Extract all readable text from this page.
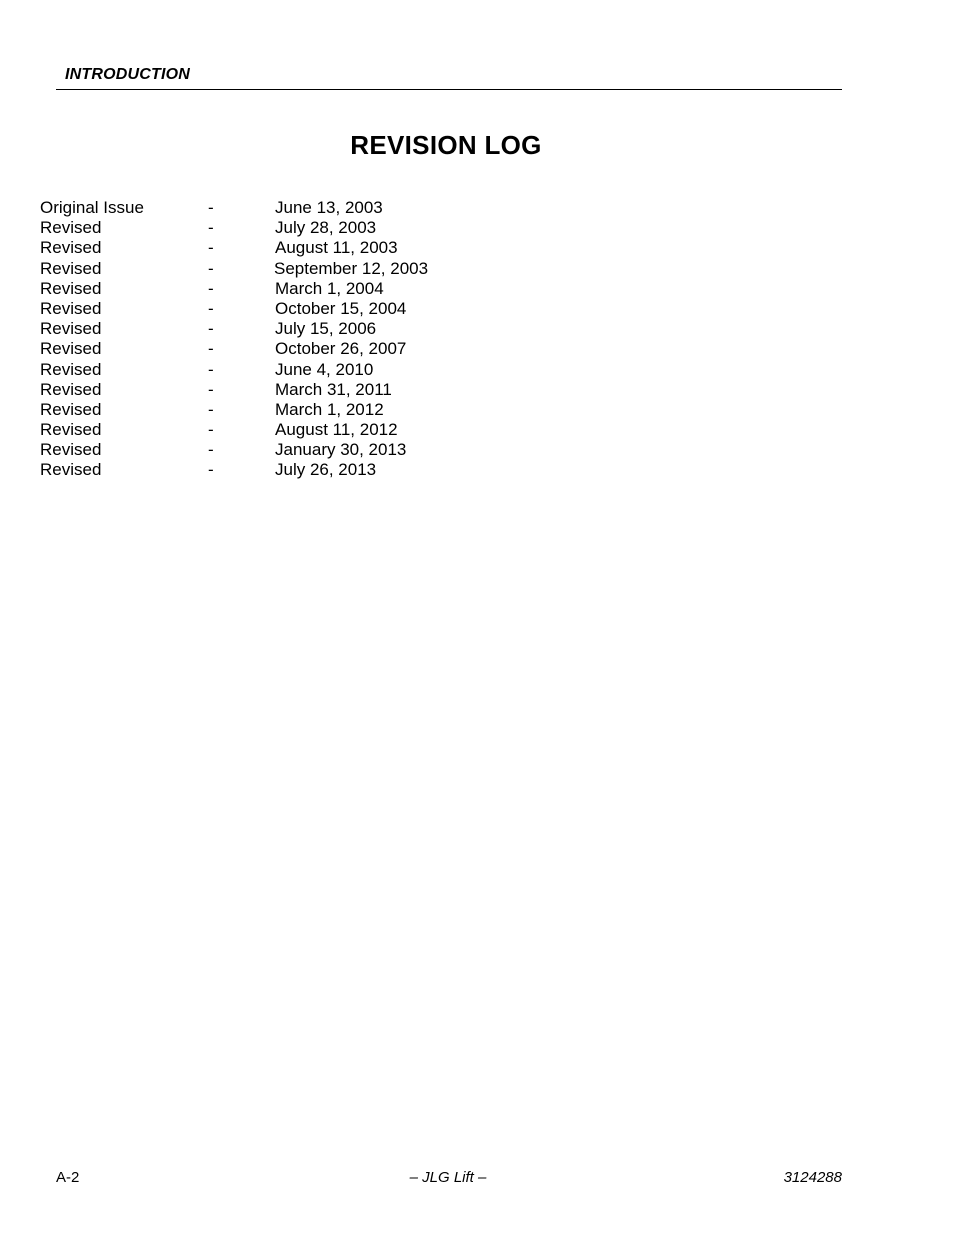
INTRODUCTION
REVISION LOG
Original Issue	-	June 13, 2003
Revised	-	July 28, 2003
Revised	-	August 11, 2003
Revised	-	September 12, 2003
Revised	-	March 1, 2004
Revised	-	October 15, 2004
Revised	-	July 15, 2006
Revised	-	October 26, 2007
Revised	-	June 4, 2010
Revised	-	March 31, 2011
Revised	-	March 1, 2012
Revised	-	August 11, 2012
Revised	-	January 30, 2013
Revised	-	July 26, 2013
A-2	– JLG Lift –	3124288
